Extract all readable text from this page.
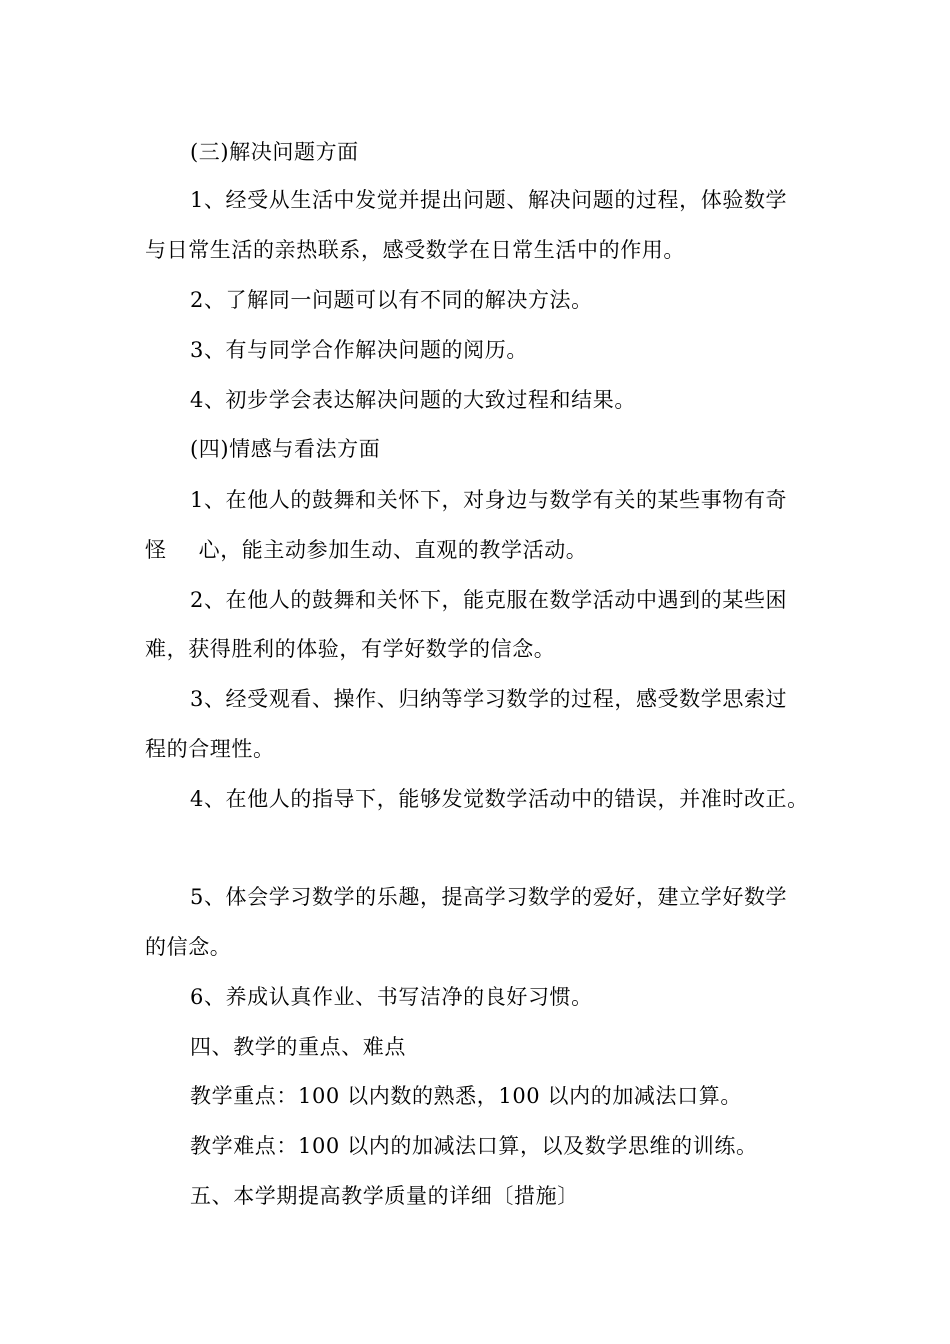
(三)解决问题方面
1、经受从生活中发觉并提出问题、解决问题的过程，体验数学
与日常生活的亲热联系，感受数学在日常生活中的作用。
2、了解同一问题可以有不同的解决方法。
3、有与同学合作解决问题的阅历。
4、初步学会表达解决问题的大致过程和结果。
(四)情感与看法方面
1、在他人的鼓舞和关怀下，对身边与数学有关的某些事物有奇
怪 心，能主动参加生动、直观的教学活动。
2、在他人的鼓舞和关怀下，能克服在数学活动中遇到的某些困
难，获得胜利的体验，有学好数学的信念。
3、经受观看、操作、归纳等学习数学的过程，感受数学思索过
程的合理性。
4、在他人的指导下，能够发觉数学活动中的错误，并准时改正。
5、体会学习数学的乐趣，提高学习数学的爱好，建立学好数学
的信念。
6、养成认真作业、书写洁净的良好习惯。
四、教学的重点、难点
教学重点：100 以内数的熟悉，100 以内的加减法口算。
教学难点：100 以内的加减法口算，以及数学思维的训练。
五、本学期提高教学质量的详细〔措施〕
